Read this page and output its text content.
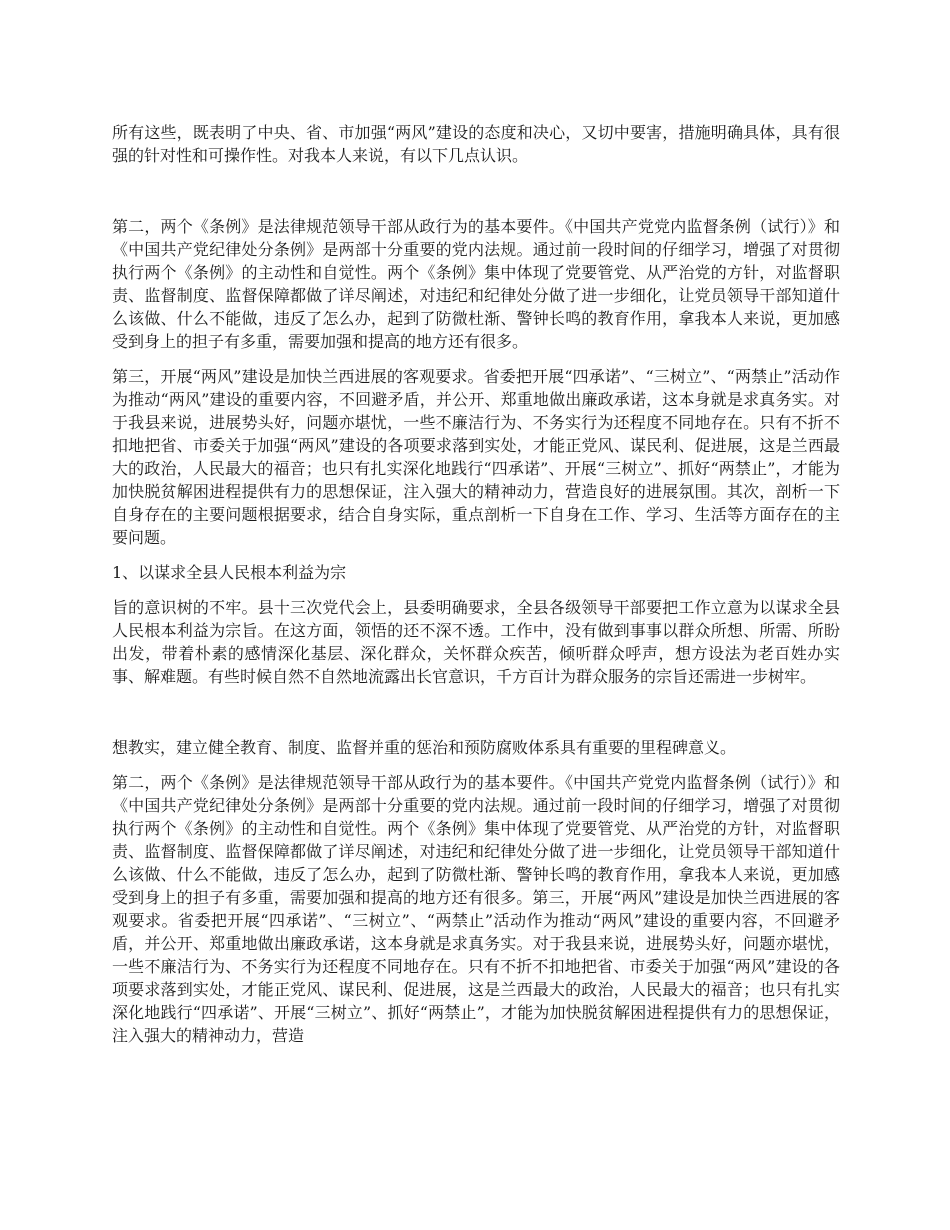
所有这些，既表明了中央、省、市加强“两风”建设的态度和决心，又切中要害，措施明确具体，具有很强的针对性和可操作性。对我本人来说，有以下几点认识。

第二，两个《条例》是法律规范领导干部从政行为的基本要件。《中国共产党党内监督条例（试行）》和《中国共产党纪律处分条例》是两部十分重要的党内法规。通过前一段时间的仔细学习，增强了对贯彻执行两个《条例》的主动性和自觉性。两个《条例》集中体现了党要管党、从严治党的方针，对监督职责、监督制度、监督保障都做了详尽阐述，对违纪和纪律处分做了进一步细化，让党员领导干部知道什么该做、什么不能做，违反了怎么办，起到了防微杜渐、警钟长鸣的教育作用，拿我本人来说，更加感受到身上的担子有多重，需要加强和提高的地方还有很多。

第三，开展“两风”建设是加快兰西进展的客观要求。省委把开展“四承诺”、“三树立”、“两禁止”活动作为推动“两风”建设的重要内容，不回避矛盾，并公开、郑重地做出廉政承诺，这本身就是求真务实。对于我县来说，进展势头好，问题亦堪忧，一些不廉洁行为、不务实行为还程度不同地存在。只有不折不扣地把省、市委关于加强“两风”建设的各项要求落到实处，才能正党风、谋民利、促进展，这是兰西最大的政治，人民最大的福音；也只有扎实深化地践行“四承诺”、开展“三树立”、抓好“两禁止”，才能为加快脱贫解困进程提供有力的思想保证，注入强大的精神动力，营造良好的进展氛围。其次，剖析一下自身存在的主要问题根据要求，结合自身实际，重点剖析一下自身在工作、学习、生活等方面存在的主要问题。

1、以谋求全县人民根本利益为宗

旨的意识树的不牢。县十三次党代会上，县委明确要求，全县各级领导干部要把工作立意为以谋求全县人民根本利益为宗旨。在这方面，领悟的还不深不透。工作中，没有做到事事以群众所想、所需、所盼出发，带着朴素的感情深化基层、深化群众，关怀群众疾苦，倾听群众呼声，想方设法为老百姓办实事、解难题。有些时候自然不自然地流露出长官意识，千方百计为群众服务的宗旨还需进一步树牢。

想教实，建立健全教育、制度、监督并重的惩治和预防腐败体系具有重要的里程碑意义。

第二，两个《条例》是法律规范领导干部从政行为的基本要件。《中国共产党党内监督条例（试行）》和《中国共产党纪律处分条例》是两部十分重要的党内法规。通过前一段时间的仔细学习，增强了对贯彻执行两个《条例》的主动性和自觉性。两个《条例》集中体现了党要管党、从严治党的方针，对监督职责、监督制度、监督保障都做了详尽阐述，对违纪和纪律处分做了进一步细化，让党员领导干部知道什么该做、什么不能做，违反了怎么办，起到了防微杜渐、警钟长鸣的教育作用，拿我本人来说，更加感受到身上的担子有多重，需要加强和提高的地方还有很多。第三，开展“两风”建设是加快兰西进展的客观要求。省委把开展“四承诺”、“三树立”、“两禁止”活动作为推动“两风”建设的重要内容，不回避矛盾，并公开、郑重地做出廉政承诺，这本身就是求真务实。对于我县来说，进展势头好，问题亦堪忧，一些不廉洁行为、不务实行为还程度不同地存在。只有不折不扣地把省、市委关于加强“两风”建设的各项要求落到实处，才能正党风、谋民利、促进展，这是兰西最大的政治，人民最大的福音；也只有扎实深化地践行“四承诺”、开展“三树立”、抓好“两禁止”，才能为加快脱贫解困进程提供有力的思想保证，注入强大的精神动力，营造
